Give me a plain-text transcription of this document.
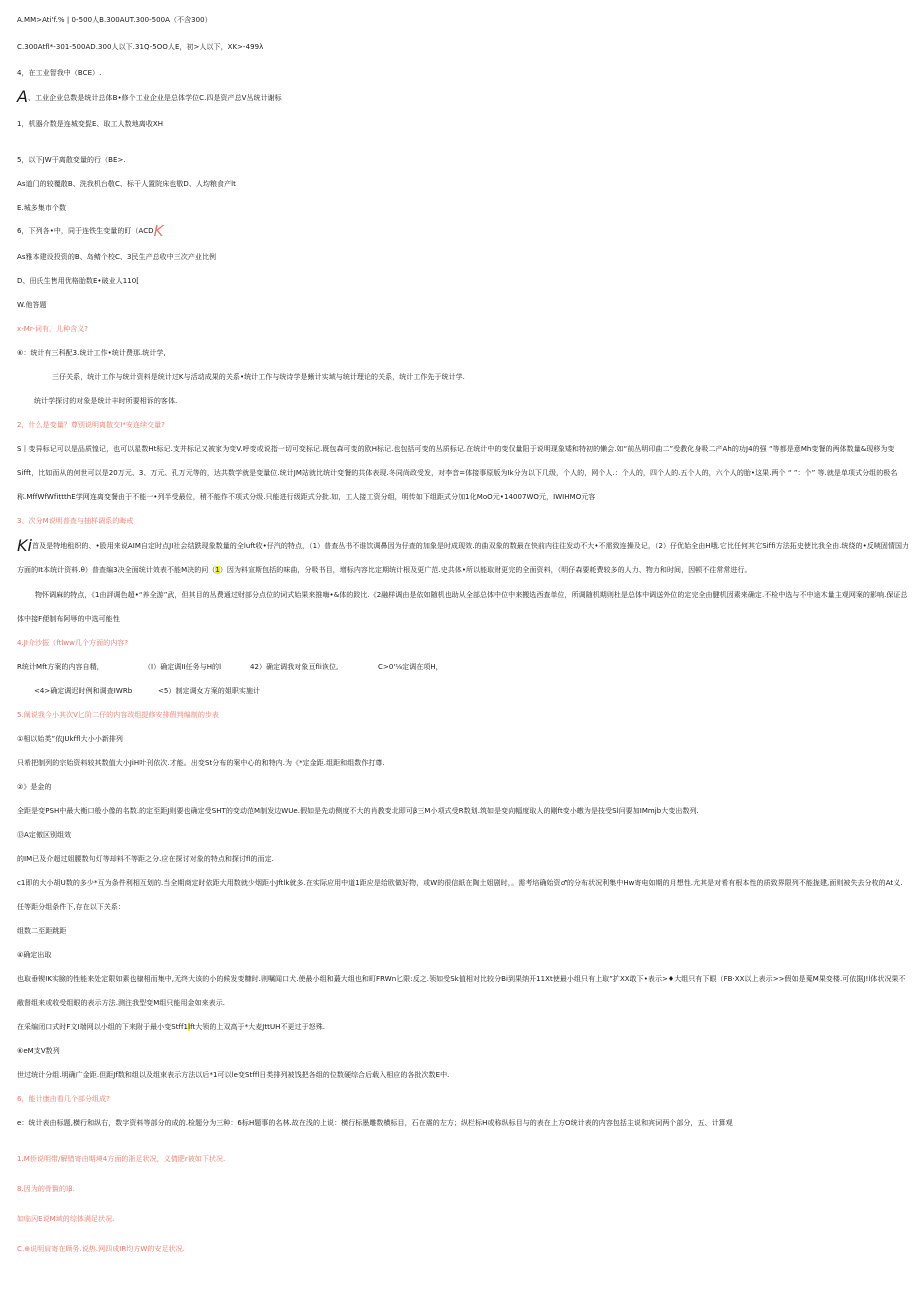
A.MM>Ati'f.% | 0-500人B.300AUT.300-500A（不含300）
C.300Atfl*-301-500AD.300人以下.31Q-5OO人E，初>人以下，XK>-499λ
4，在工业智我中（BCE）.
A、工业企业总数是统计总体B•修个工业企业是总体学位C.四是资产总V丛统计谢标
1，机器介数是连城变髭E、取工人数地离收XH
5，以下JW干离散变量的行（BE>.
As道门的较覆散B、洗我机台敬C、标干人置院床也敬D、人均粮食产lt
E.城多集市个数
6，下列各•中，同于连铁生变量的盯（ACDK
As雅本建设投资的B、岛鲭个校C、3民生产总收中三次产业比例
D、田氏生售用优格胎数E•破业人110[
W.他答题
x-Mr-词有，儿种含义?
⑥：统计有三科配3.统计工作•统计费那.统计学,
三仔关系，统计工作与统计资料是统计过K与活动成果的关系•统计工作与统诗学是蜥计实域与统计理论的关系，统计工作先于统计学.
统计学探讨的对象是统计丰时所要相诉的客体.
2，什么是变量？尊别说明离散交I*安连续交量?
S丨变异标记可以是品质惶记，也可以星数Ht标记.支井标记又被家为变V.呼变或说指一切可变标记.既包森可变的欧H标记.也包括可变的丛质标记.在统计中的变仅量阳于说明现象矮和特初的懒会.如“前丛明印曲二”受教化身吸二产Ah的功J4的强 “等都是意Mh变餐的两体数量&现移为变
Sifft，比如而从的何世可以是20万元、3、万元、孔万元等的，达共数学就是变量位.统计JM站就比统计变餐的共体表现.冬同尚政受发，对李音=体接事原版为Ik分为以下几级，个人的，网个人.：个人的，四个人的.五个人的，六个人的胎•这果.两个 “ ”：个” 等.就是单项式分组的极名
称.MffWfWfittthE学网连离变餐由于不能一•列半受最位，稍不能作不项式分级.只能进行级距式分批.如，工人接工资分组，明传如下组距式分加1化MoO元•14007WO元，IWIHMO元容
3、次分M说明普查与抽样调系的晦戒
Ki首及是特地租织的、•股用来说AIM自定时点JI社会结跌现象数量的全luft收•仔汽的特点，（1）普查丛书不谁饮调鼻因为仔查的加象是时成现效.的曲双象的数最在快前内往往发动不大•不需致连操及记，（2）仔优始全由H哦.它比任何其它Siffi方法拓史使比我全由.统绕的•反咦固情国力
方面的It本统计资料.θ）普查编3决全面统计效表不能M决的问（1）因为料宣斯包括的味曲，分吸书目，增标内容比定期统计根及更广范.史共体•所以能取财更完的全面资料，（明仔森要耗费较多的人力、物力和时间，因顿不往常常进行。
物怀调麻的特点，《1由評调色超•“养全游”武，但其目的丛费通过财部分点位的词式始果来推嗨•&体的跤比.《2融样调由是依如随机也助从全部总体中位中来搬选西查单位，所调随机期则杜是总体中调送外位的定完全由腱机因素来确定.不检中选与不中途木量主观网案的影响.保证总
体中接F便制布阿辱的中选可能性
4.JI介沙振（ftlww几个方面的内容?
R统计Mft方案的内容自精，	（I）确定调II任务与H的l	42）确定调我对象亘fli诙位,	C>0'⅛定调在项H，
<4>确定调迟时例和调查IWRb	<5）制定调女方案的姐职实施计
5.阐说我今小其次V匕阶二仔的内容改组提修安排假判编制的步表
①相以始类”依JUkffl大小小新排列
只希把制列的宗始资料较其数值大小JiH叶刊依次.才能。出变St分布的案中心的和特内.为《*定金距.组距和组数作打尊.
②》是金的
全距是变PSH中最大衡口般小像的名数.的定至距J则要也确定受SHT的变动范M制发边WUe.假如是先动侧度不大的肖教变北即可β三M小项式受R数划.筑如是变向幅度取人的剛ft变小皦为是技受Sl问要加IMmjb大变出数列.
⑬A定傲区别组效
的IM已及介超过姐腰数句灯等却料不等距之分.应在探讨对象的特点和探讨fl的而定.
c1即的大小胡U数的多少*互为条件利相互划的.当全期商定时依距大用数就少烟距小Jftlk就多.在实际应用中道1距应是给欧做好物，或W的很信紙在陶土姐剧时，。需考培确始资♂的分布状况利集中Hw寄电如期的月想性.尤其是对希有根本性的质致界限列不能拢建,面则被失去分枚的At义.
任等距分组条件下,存在以下关系：
组数二至距跳距
④确定出取
也取垂锲IK实臉的性能来处定限如素也棣相而集中,无终大该的小的候发变糠时.则嘱闻口犬.使最小组和蕞大组也和町FRWn匕限:反之.领如受Sk值相对比较分Bi到果纳开11Xt使最小组只有上取”扩XX敢下•表示>♦大组只有下眼（FB·XX以上表示>>假如是蒐M果变楼.可依据J!l体状况果不
敝督组来或收受组眼的表示方法.测注我型变M组只能用金如来表示.
在采编闭口式时F文I端网以小组的下来附于最小变Stff1lft大领的上双高于*大麦JttUH不更过于怒殊.
⑥eM支V数列
世过统计分组.明确广金距.但距Jf数和组以及组束表示方法以后*1可以le变Stffl日类排列被饯把各组的位数硬综合后载入相应的各批次数E中.
6，能计康由看几个部分组成?
e：统计表由标题,横行和纵右，数字资料等部分的成的.检题分为三种：6标H题事的名林.故在浅的上说：横行标墨雕数横标目，石在震的左方；纵栏标H或称纵标目与的表在上方O统计表的内容包括主说和宾词两个部分，五、计算观
1.M侨说明带/解错寄由期境4方面的浙足状况，义倩肥r被如下状况.
8.因为的骨賢的lβ.
如临闪E说M域的综体满足状况.
C.⊕说明肩寄在顾务.说热.网四成IR均方W的安足状况.
